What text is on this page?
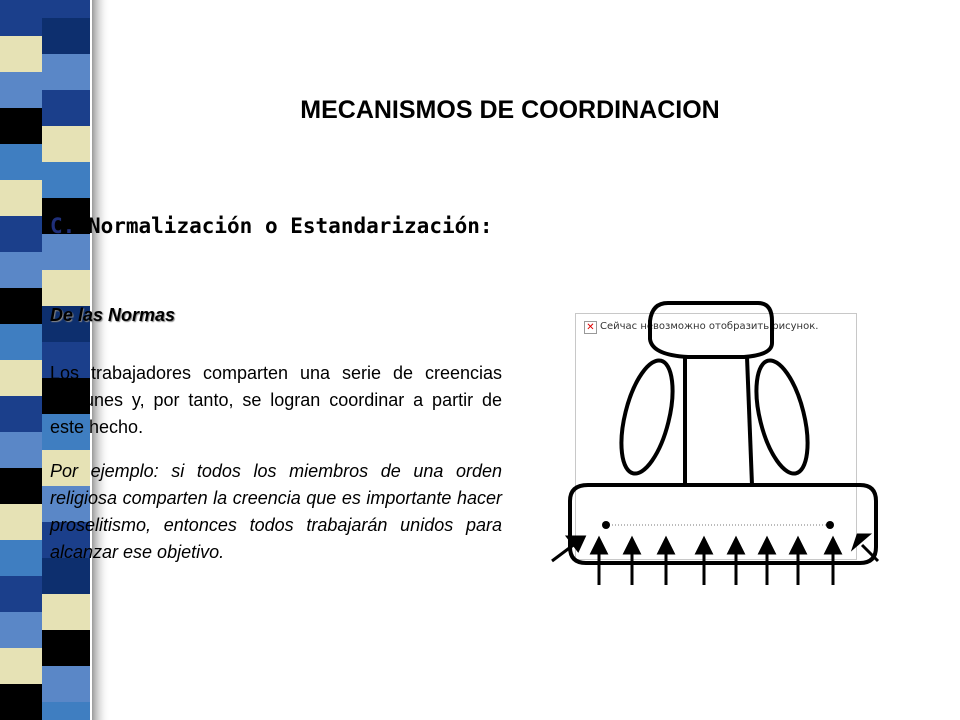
MECANISMOS DE COORDINACION
C. Normalización o Estandarización:
De las Normas

Los trabajadores comparten una serie de creencias comunes y, por tanto, se logran coordinar a partir de este hecho.

Por ejemplo: si todos los miembros de una orden religiosa comparten la creencia que es importante hacer proselitismo, entonces todos trabajarán unidos para alcanzar ese objetivo.

✕ Сейчас невозможно отобразить рисунок.
